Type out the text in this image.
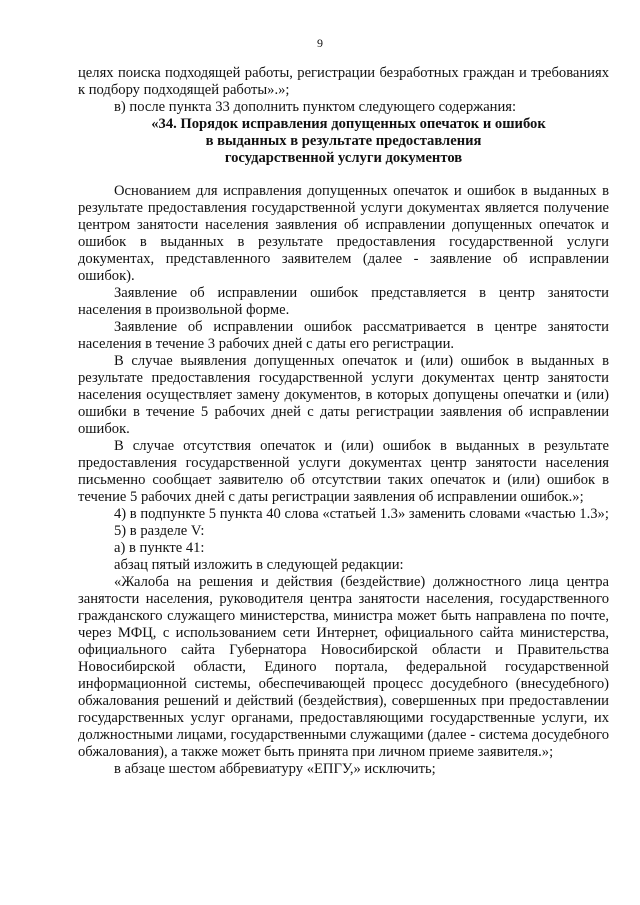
9

целях поиска подходящей работы, регистрации безработных граждан и требованиях к подбору подходящей работы».»;

в) после пункта 33 дополнить пунктом следующего содержания:

«34. Порядок исправления допущенных опечаток и ошибок

в выданных в результате предоставления

государственной услуги документов

Основанием для исправления допущенных опечаток и ошибок в выданных в результате предоставления государственной услуги документах является получение центром занятости населения заявления об исправлении допущенных опечаток и ошибок в выданных в результате предоставления государственной услуги документах, представленного заявителем (далее - заявление об исправлении ошибок).

Заявление об исправлении ошибок представляется в центр занятости населения в произвольной форме.

Заявление об исправлении ошибок рассматривается в центре занятости населения в течение 3 рабочих дней с даты его регистрации.

В случае выявления допущенных опечаток и (или) ошибок в выданных в результате предоставления государственной услуги документах центр занятости населения осуществляет замену документов, в которых допущены опечатки и (или) ошибки в течение 5 рабочих дней с даты регистрации заявления об исправлении ошибок.

В случае отсутствия опечаток и (или) ошибок в выданных в результате предоставления государственной услуги документах центр занятости населения письменно сообщает заявителю об отсутствии таких опечаток и (или) ошибок в течение 5 рабочих дней с даты регистрации заявления об исправлении ошибок.»;

4) в подпункте 5 пункта 40 слова «статьей 1.3» заменить словами «частью 1.3»;

5) в разделе V:

а) в пункте 41:

абзац пятый изложить в следующей редакции:

«Жалоба на решения и действия (бездействие) должностного лица центра занятости населения, руководителя центра занятости населения, государственного гражданского служащего министерства, министра может быть направлена по почте, через МФЦ, с использованием сети Интернет, официального сайта министерства, официального сайта Губернатора Новосибирской области и Правительства Новосибирской области, Единого портала, федеральной государственной информационной системы, обеспечивающей процесс досудебного (внесудебного) обжалования решений и действий (бездействия), совершенных при предоставлении государственных услуг органами, предоставляющими государственные услуги, их должностными лицами, государственными служащими (далее - система досудебного обжалования), а также может быть принята при личном приеме заявителя.»;

в абзаце шестом аббревиатуру «ЕПГУ,» исключить;
